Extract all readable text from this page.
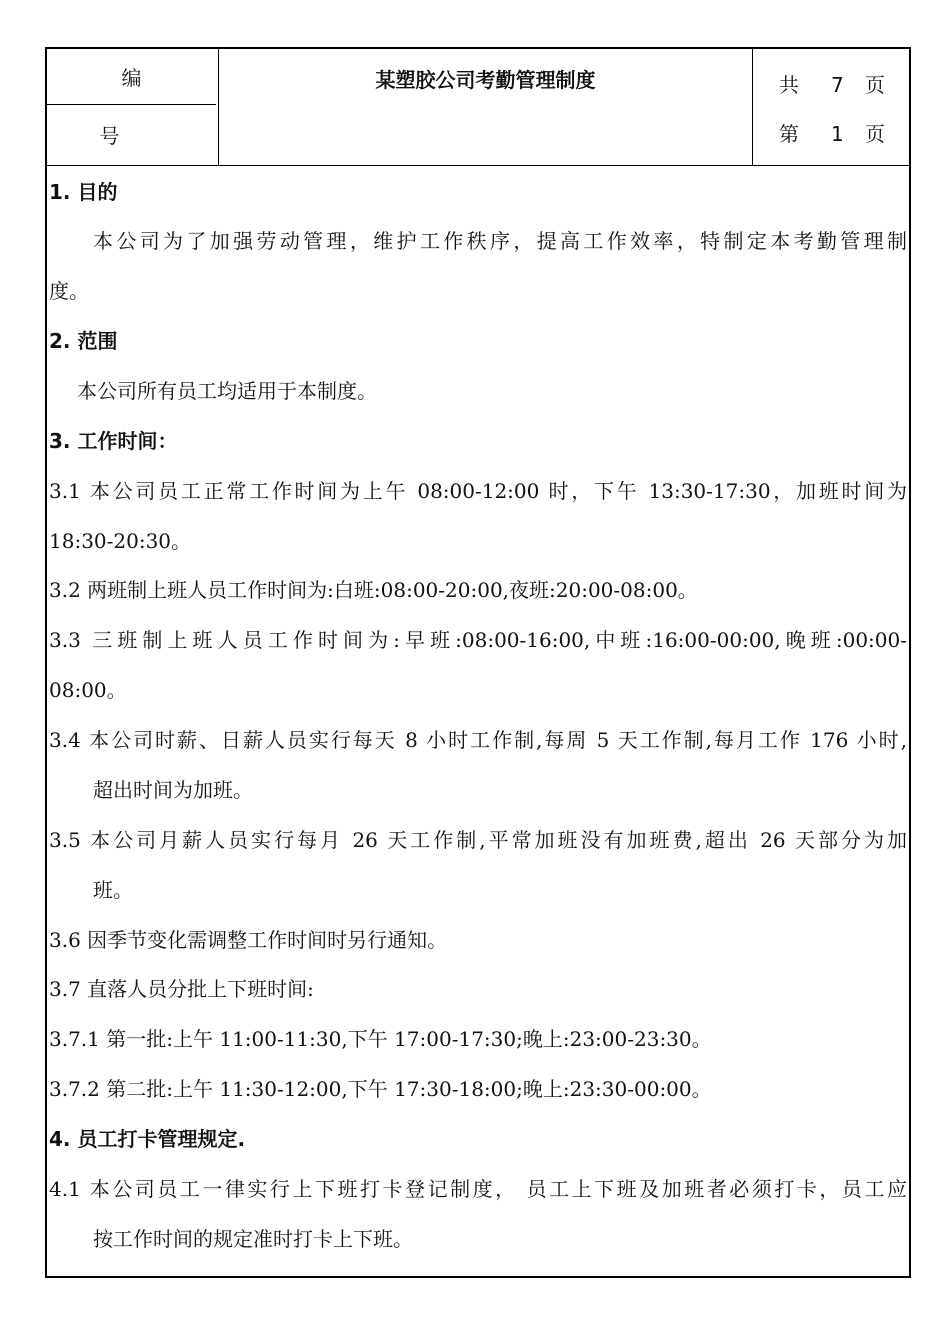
编号
某塑胶公司考勤管理制度	共 7 页
第 1 页
1. 目的
本公司为了加强劳动管理，维护工作秩序，提高工作效率，特制定本考勤管理制
度。
2. 范围
本公司所有员工均适用于本制度。
3. 工作时间：
3.1 本公司员工正常工作时间为上午 08:00-12:00 时，下午 13:30-17:30，加班时间为
18:30-20:30。
3.2 两班制上班人员工作时间为:白班:08:00-20:00,夜班:20:00-08:00。
3.3 三班制上班人员工作时间为:早班:08:00-16:00,中班:16:00-00:00,晚班:00:00-
08:00。
3.4 本公司时薪、日薪人员实行每天 8 小时工作制,每周 5 天工作制,每月工作 176 小时,
超出时间为加班。
3.5 本公司月薪人员实行每月 26 天工作制,平常加班没有加班费,超出 26 天部分为加
班。
3.6 因季节变化需调整工作时间时另行通知。
3.7 直落人员分批上下班时间:
3.7.1 第一批:上午 11:00-11:30,下午 17:00-17:30;晚上:23:00-23:30。
3.7.2 第二批:上午 11:30-12:00,下午 17:30-18:00;晚上:23:30-00:00。
4. 员工打卡管理规定.
4.1 本公司员工一律实行上下班打卡登记制度， 员工上下班及加班者必须打卡，员工应
按工作时间的规定准时打卡上下班。
